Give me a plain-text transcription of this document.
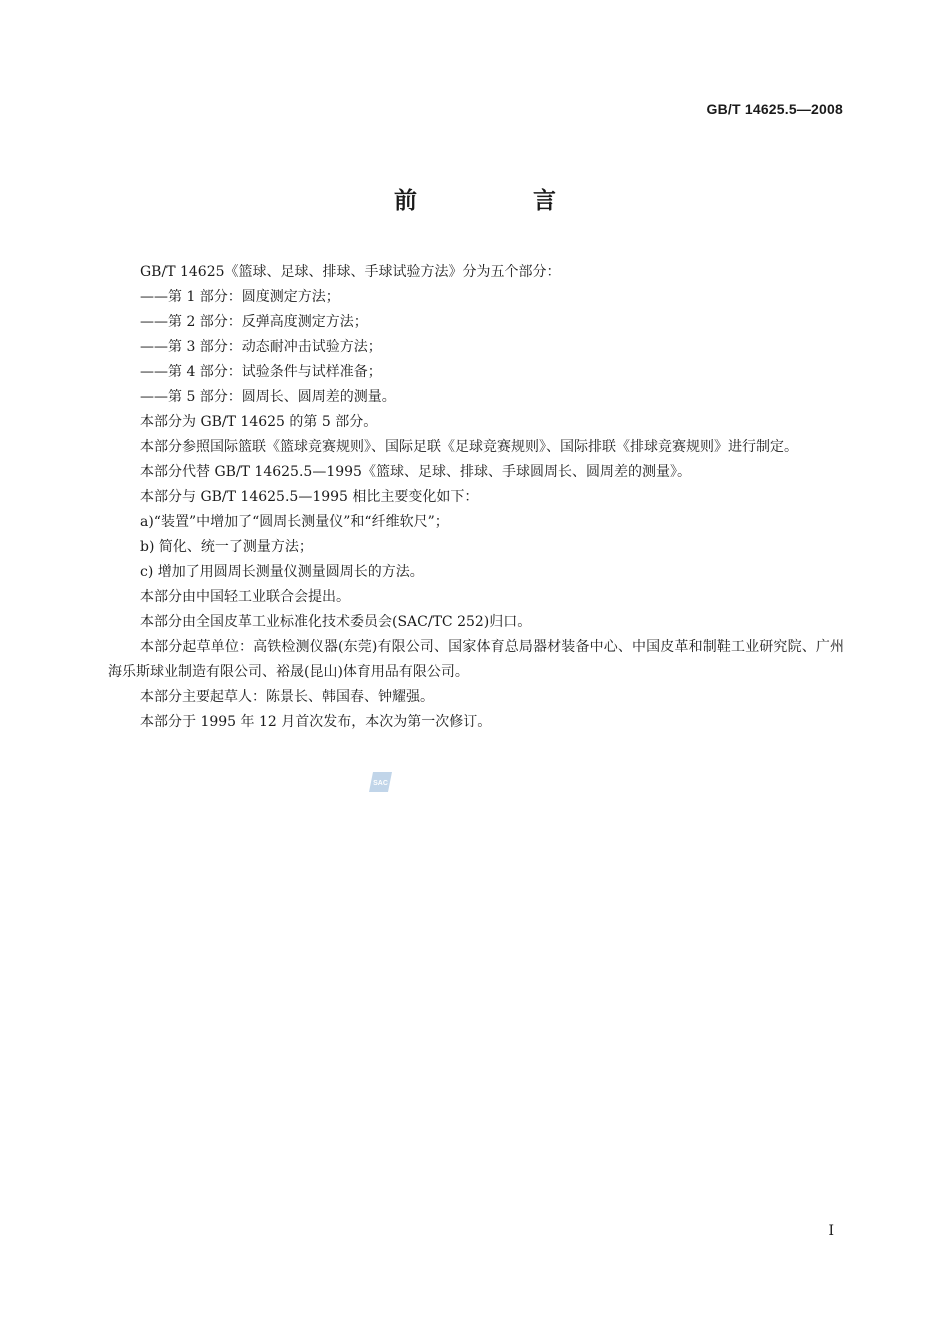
GB/T 14625.5—2008
前 言

GB/T 14625《篮球、足球、排球、手球试验方法》分为五个部分：

——第 1 部分：圆度测定方法；

——第 2 部分：反弹高度测定方法；

——第 3 部分：动态耐冲击试验方法；

——第 4 部分：试验条件与试样准备；

——第 5 部分：圆周长、圆周差的测量。

本部分为 GB/T 14625 的第 5 部分。

本部分参照国际篮联《篮球竞赛规则》、国际足联《足球竞赛规则》、国际排联《排球竞赛规则》进行制定。

本部分代替 GB/T 14625.5—1995《篮球、足球、排球、手球圆周长、圆周差的测量》。

本部分与 GB/T 14625.5—1995 相比主要变化如下：

a)“装置”中增加了“圆周长测量仪”和“纤维软尺”；

b) 简化、统一了测量方法；

c) 增加了用圆周长测量仪测量圆周长的方法。

本部分由中国轻工业联合会提出。

本部分由全国皮革工业标准化技术委员会(SAC/TC 252)归口。

本部分起草单位：高铁检测仪器(东莞)有限公司、国家体育总局器材装备中心、中国皮革和制鞋工业研究院、广州海乐斯球业制造有限公司、裕晟(昆山)体育用品有限公司。

本部分主要起草人：陈景长、韩国春、钟耀强。

本部分于 1995 年 12 月首次发布，本次为第一次修订。

SAC
I
